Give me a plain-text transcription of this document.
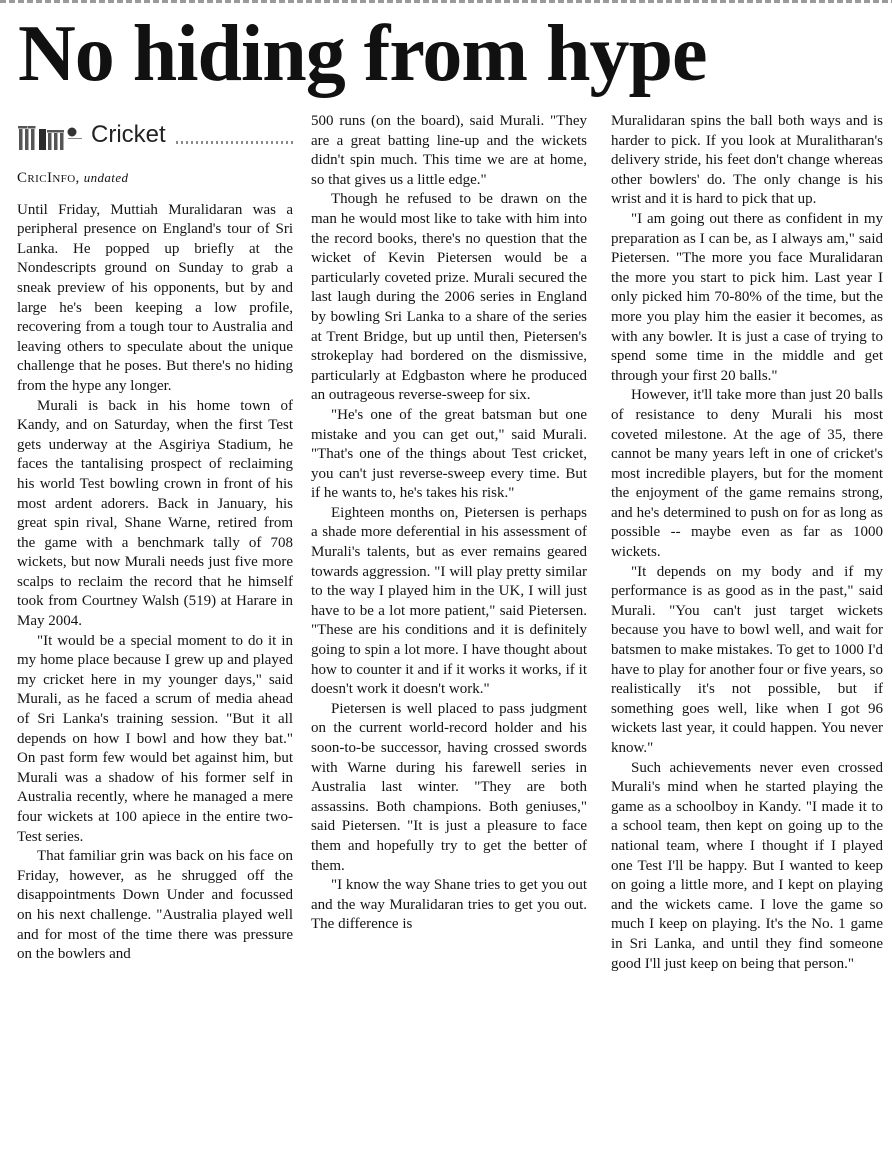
No hiding from hype
Cricket
CricInfo, undated

Until Friday, Muttiah Muralidaran was a peripheral presence on England's tour of Sri Lanka. He popped up briefly at the Nondescripts ground on Sunday to grab a sneak preview of his opponents, but by and large he's been keeping a low profile, recovering from a tough tour to Australia and leaving others to speculate about the unique challenge that he poses. But there's no hiding from the hype any longer.

Murali is back in his home town of Kandy, and on Saturday, when the first Test gets underway at the Asgiriya Stadium, he faces the tantalising prospect of reclaiming his world Test bowling crown in front of his most ardent adorers. Back in January, his great spin rival, Shane Warne, retired from the game with a benchmark tally of 708 wickets, but now Murali needs just five more scalps to reclaim the record that he himself took from Courtney Walsh (519) at Harare in May 2004.

"It would be a special moment to do it in my home place because I grew up and played my cricket here in my younger days," said Murali, as he faced a scrum of media ahead of Sri Lanka's training session. "But it all depends on how I bowl and how they bat." On past form few would bet against him, but Murali was a shadow of his former self in Australia recently, where he managed a mere four wickets at 100 apiece in the entire two-Test series.

That familiar grin was back on his face on Friday, however, as he shrugged off the disappointments Down Under and focussed on his next challenge. "Australia played well and for most of the time there was pressure on the bowlers and

500 runs (on the board), said Murali. "They are a great batting line-up and the wickets didn't spin much. This time we are at home, so that gives us a little edge."

Though he refused to be drawn on the man he would most like to take with him into the record books, there's no question that the wicket of Kevin Pietersen would be a particularly coveted prize. Murali secured the last laugh during the 2006 series in England by bowling Sri Lanka to a share of the series at Trent Bridge, but up until then, Pietersen's strokeplay had bordered on the dismissive, particularly at Edgbaston where he produced an outrageous reverse-sweep for six.

"He's one of the great batsman but one mistake and you can get out," said Murali. "That's one of the things about Test cricket, you can't just reverse-sweep every time. But if he wants to, he's takes his risk."

Eighteen months on, Pietersen is perhaps a shade more deferential in his assessment of Murali's talents, but as ever remains geared towards aggression. "I will play pretty similar to the way I played him in the UK, I will just have to be a lot more patient," said Pietersen. "These are his conditions and it is definitely going to spin a lot more. I have thought about how to counter it and if it works it works, if it doesn't work it doesn't work."

Pietersen is well placed to pass judgment on the current world-record holder and his soon-to-be successor, having crossed swords with Warne during his farewell series in Australia last winter. "They are both assassins. Both champions. Both geniuses," said Pietersen. "It is just a pleasure to face them and hopefully try to get the better of them.

"I know the way Shane tries to get you out and the way Muralidaran tries to get you out. The difference is

Muralidaran spins the ball both ways and is harder to pick. If you look at Muralitharan's delivery stride, his feet don't change whereas other bowlers' do. The only change is his wrist and it is hard to pick that up.

"I am going out there as confident in my preparation as I can be, as I always am," said Pietersen. "The more you face Muralidaran the more you start to pick him. Last year I only picked him 70-80% of the time, but the more you play him the easier it becomes, as with any bowler. It is just a case of trying to spend some time in the middle and get through your first 20 balls."

However, it'll take more than just 20 balls of resistance to deny Murali his most coveted milestone. At the age of 35, there cannot be many years left in one of cricket's most incredible players, but for the moment the enjoyment of the game remains strong, and he's determined to push on for as long as possible -- maybe even as far as 1000 wickets.

"It depends on my body and if my performance is as good as in the past," said Murali. "You can't just target wickets because you have to bowl well, and wait for batsmen to make mistakes. To get to 1000 I'd have to play for another four or five years, so realistically it's not possible, but if something goes well, like when I got 96 wickets last year, it could happen. You never know."

Such achievements never even crossed Murali's mind when he started playing the game as a schoolboy in Kandy. "I made it to a school team, then kept on going up to the national team, where I thought if I played one Test I'll be happy. But I wanted to keep on going a little more, and I kept on playing and the wickets came. I love the game so much I keep on playing. It's the No. 1 game in Sri Lanka, and until they find someone good I'll just keep on being that person."
